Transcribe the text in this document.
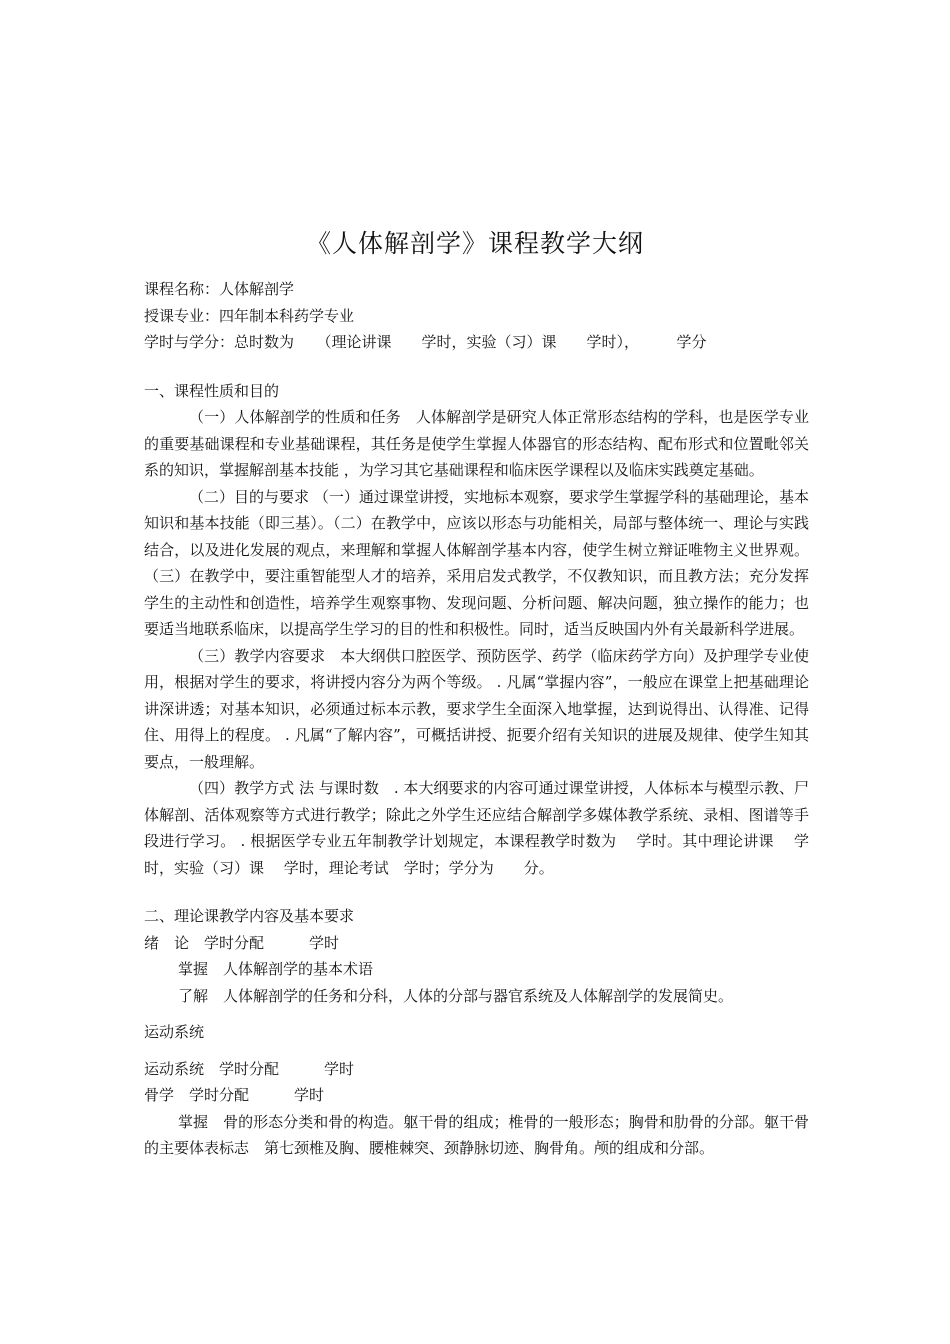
《人体解剖学》课程教学大纲
课程名称：人体解剖学
授课专业：四年制本科药学专业
学时与学分：总时数为　　（理论讲课　　学时，实验（习）课　　学时），　　　学分
一、课程性质和目的
（一）人体解剖学的性质和任务　人体解剖学是研究人体正常形态结构的学科，也是医学专业的重要基础课程和专业基础课程，其任务是使学生掌握人体器官的形态结构、配布形式和位置毗邻关系的知识，掌握解剖基本技能 ，为学习其它基础课程和临床医学课程以及临床实践奠定基础。
（二）目的与要求 （一）通过课堂讲授，实地标本观察，要求学生掌握学科的基础理论，基本知识和基本技能（即三基）。（二）在教学中，应该以形态与功能相关，局部与整体统一、理论与实践结合，以及进化发展的观点，来理解和掌握人体解剖学基本内容，使学生树立辩证唯物主义世界观。（三）在教学中，要注重智能型人才的培养，采用启发式教学，不仅教知识，而且教方法；充分发挥学生的主动性和创造性，培养学生观察事物、发现问题、分析问题、解决问题，独立操作的能力；也要适当地联系临床，以提高学生学习的目的性和积极性。同时，适当反映国内外有关最新科学进展。
（三）教学内容要求　本大纲供口腔医学、预防医学、药学（临床药学方向）及护理学专业使用，根据对学生的要求，将讲授内容分为两个等级。 . 凡属“掌握内容”，一般应在课堂上把基础理论讲深讲透；对基本知识，必须通过标本示教，要求学生全面深入地掌握，达到说得出、认得准、记得住、用得上的程度。 . 凡属“了解内容”，可概括讲授、扼要介绍有关知识的进展及规律、使学生知其要点，一般理解。
（四）教学方式 法 与课时数　. 本大纲要求的内容可通过课堂讲授，人体标本与模型示教、尸体解剖、活体观察等方式进行教学；除此之外学生还应结合解剖学多媒体教学系统、录相、图谱等手段进行学习。 . 根据医学专业五年制教学计划规定，本课程教学时数为　 学时。其中理论讲课　 学时，实验（习）课　 学时，理论考试　学时；学分为　　分。
二、理论课教学内容及基本要求
绪　论　学时分配　　　学时
掌握　人体解剖学的基本术语
了解　人体解剖学的任务和分科，人体的分部与器官系统及人体解剖学的发展简史。
运动系统
运动系统　学时分配　　　学时
骨学　学时分配　　　学时
掌握　骨的形态分类和骨的构造。躯干骨的组成；椎骨的一般形态；胸骨和肋骨的分部。躯干骨的主要体表标志　第七颈椎及胸、腰椎棘突、颈静脉切迹、胸骨角。颅的组成和分部。
